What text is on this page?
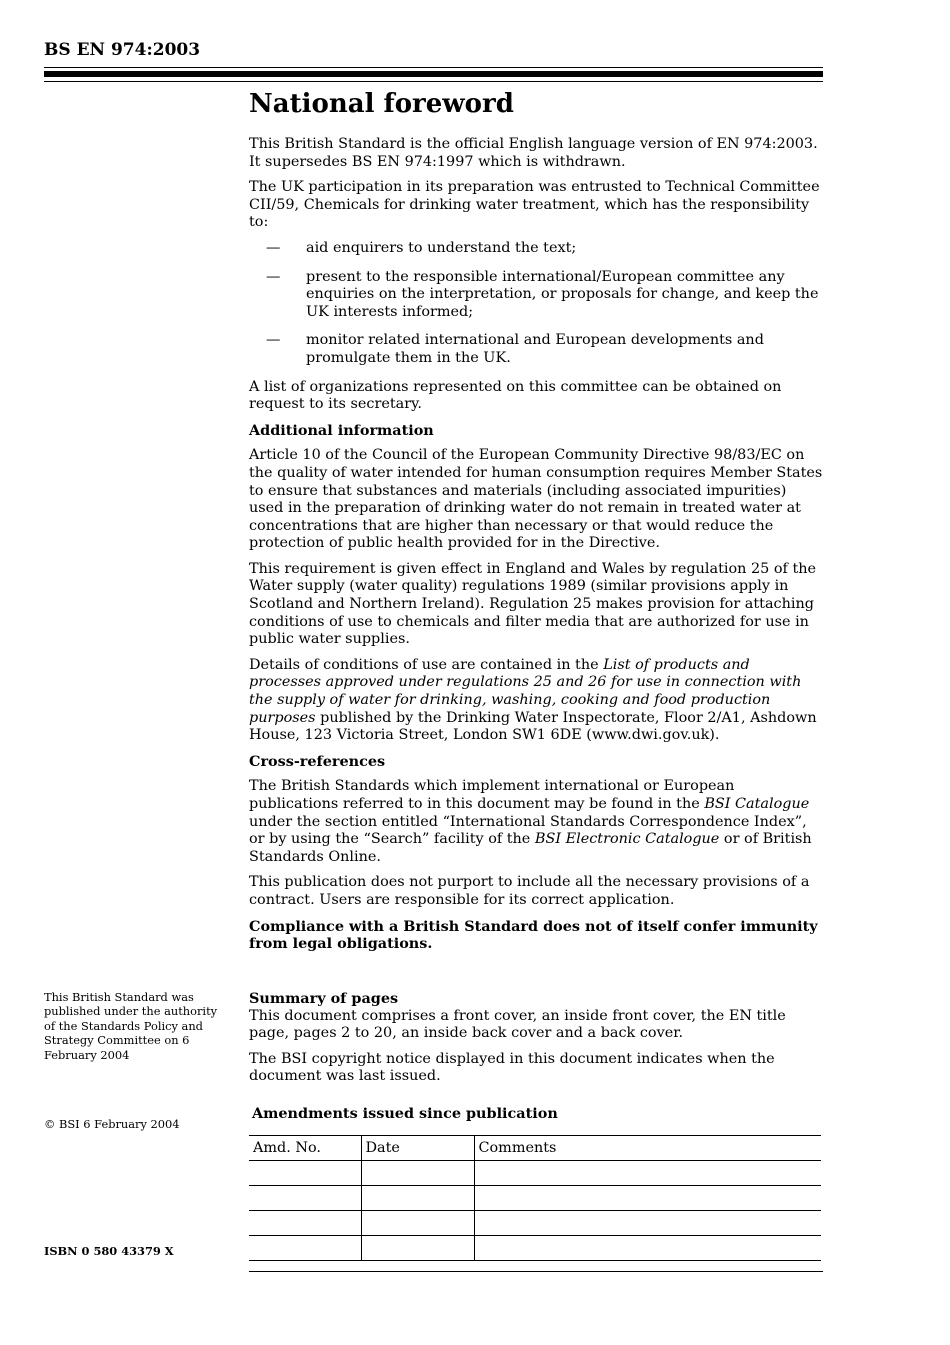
BS EN 974:2003
National foreword

This British Standard is the official English language version of EN 974:2003. It supersedes BS EN 974:1997 which is withdrawn.

The UK participation in its preparation was entrusted to Technical Committee CII/59, Chemicals for drinking water treatment, which has the responsibility to:

— aid enquirers to understand the text;
— present to the responsible international/European committee any enquiries on the interpretation, or proposals for change, and keep the UK interests informed;
— monitor related international and European developments and promulgate them in the UK.

A list of organizations represented on this committee can be obtained on request to its secretary.

Additional information

Article 10 of the Council of the European Community Directive 98/83/EC on the quality of water intended for human consumption requires Member States to ensure that substances and materials (including associated impurities) used in the preparation of drinking water do not remain in treated water at concentrations that are higher than necessary or that would reduce the protection of public health provided for in the Directive.

This requirement is given effect in England and Wales by regulation 25 of the Water supply (water quality) regulations 1989 (similar provisions apply in Scotland and Northern Ireland). Regulation 25 makes provision for attaching conditions of use to chemicals and filter media that are authorized for use in public water supplies.

Details of conditions of use are contained in the List of products and processes approved under regulations 25 and 26 for use in connection with the supply of water for drinking, washing, cooking and food production purposes published by the Drinking Water Inspectorate, Floor 2/A1, Ashdown House, 123 Victoria Street, London SW1 6DE (www.dwi.gov.uk).

Cross-references

The British Standards which implement international or European publications referred to in this document may be found in the BSI Catalogue under the section entitled “International Standards Correspondence Index”, or by using the “Search” facility of the BSI Electronic Catalogue or of British Standards Online.

This publication does not purport to include all the necessary provisions of a contract. Users are responsible for its correct application.

Compliance with a British Standard does not of itself confer immunity from legal obligations.

Summary of pages

This document comprises a front cover, an inside front cover, the EN title page, pages 2 to 20, an inside back cover and a back cover.

The BSI copyright notice displayed in this document indicates when the document was last issued.

This British Standard was published under the authority of the Standards Policy and Strategy Committee on 6 February 2004
© BSI 6 February 2004
ISBN 0 580 43379 X
Amendments issued since publication
Amd. No.	Date	Comments
